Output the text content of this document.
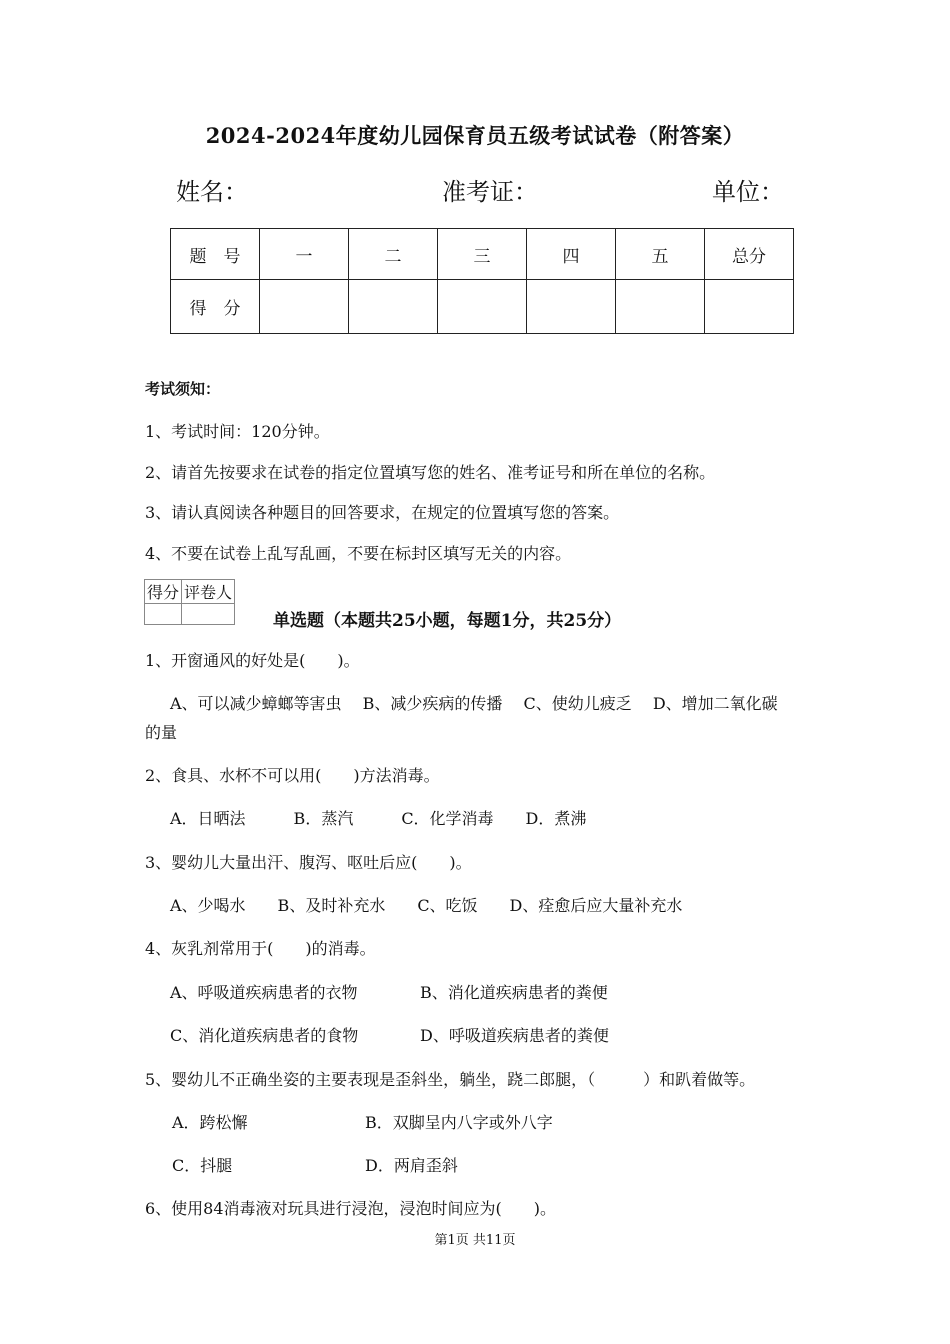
2024-2024年度幼儿园保育员五级考试试卷（附答案）
姓名：	准考证：	单位：
题　号	一	二	三	四	五	总分
得　分						
考试须知：
1、考试时间：120分钟。
2、请首先按要求在试卷的指定位置填写您的姓名、准考证号和所在单位的名称。
3、请认真阅读各种题目的回答要求，在规定的位置填写您的答案。
4、不要在试卷上乱写乱画，不要在标封区填写无关的内容。
得分	评卷人

单选题（本题共25小题，每题1分，共25分）
1、开窗通风的好处是(　　)。
A、可以减少蟑螂等害虫　 B、减少疾病的传播　 C、使幼儿疲乏　 D、增加二氧化碳
的量
2、食具、水杯不可以用(　　)方法消毒。
A．日晒法　　　B．蒸汽　　　C．化学消毒　　D．煮沸
3、婴幼儿大量出汗、腹泻、呕吐后应(　　)。
A、少喝水　　B、及时补充水　　C、吃饭　　D、痊愈后应大量补充水
4、灰乳剂常用于(　　)的消毒。
A、呼吸道疾病患者的衣物	B、消化道疾病患者的粪便
C、消化道疾病患者的食物	D、呼吸道疾病患者的粪便
5、婴幼儿不正确坐姿的主要表现是歪斜坐，躺坐，跷二郎腿，（　　　）和趴着做等。
A．跨松懈	B．双脚呈内八字或外八字
C．抖腿	D．两肩歪斜
6、使用84消毒液对玩具进行浸泡，浸泡时间应为(　　)。
第1页 共11页
